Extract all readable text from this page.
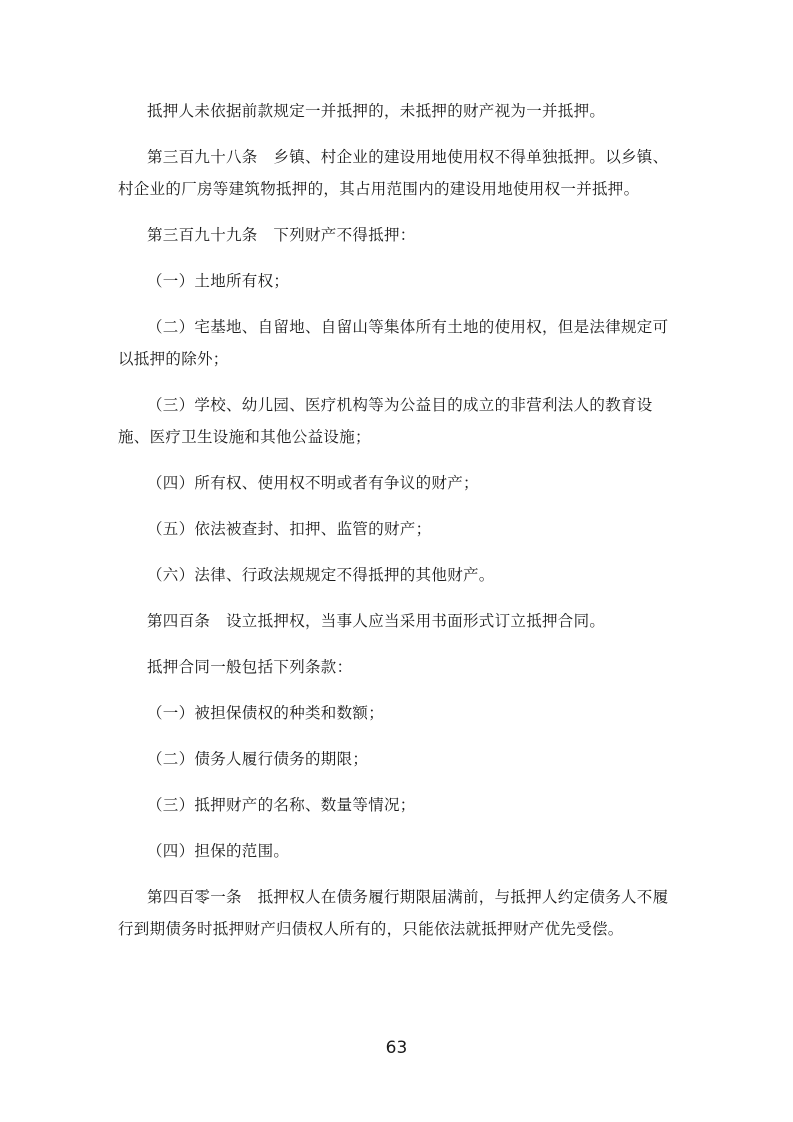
抵押人未依据前款规定一并抵押的，未抵押的财产视为一并抵押。

第三百九十八条　乡镇、村企业的建设用地使用权不得单独抵押。以乡镇、村企业的厂房等建筑物抵押的，其占用范围内的建设用地使用权一并抵押。

第三百九十九条　下列财产不得抵押：

（一）土地所有权；

（二）宅基地、自留地、自留山等集体所有土地的使用权，但是法律规定可以抵押的除外；

（三）学校、幼儿园、医疗机构等为公益目的成立的非营利法人的教育设施、医疗卫生设施和其他公益设施；

（四）所有权、使用权不明或者有争议的财产；

（五）依法被查封、扣押、监管的财产；

（六）法律、行政法规规定不得抵押的其他财产。

第四百条　设立抵押权，当事人应当采用书面形式订立抵押合同。

抵押合同一般包括下列条款：

（一）被担保债权的种类和数额；

（二）债务人履行债务的期限；

（三）抵押财产的名称、数量等情况；

（四）担保的范围。

第四百零一条　抵押权人在债务履行期限届满前，与抵押人约定债务人不履行到期债务时抵押财产归债权人所有的，只能依法就抵押财产优先受偿。

63
